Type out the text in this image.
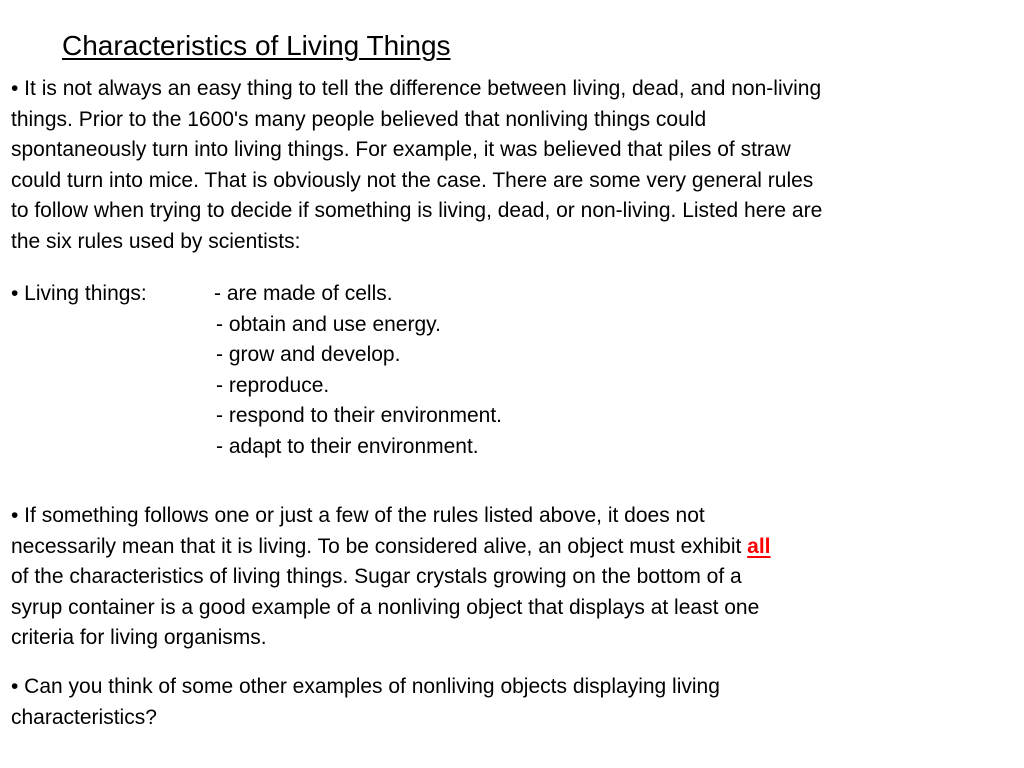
Characteristics of Living Things
• It is not always an easy thing to tell the difference between living, dead, and non-living
things. Prior to the 1600's many people believed that nonliving things could
spontaneously turn into living things. For example, it was believed that piles of straw
could turn into mice. That is obviously not the case. There are some very general rules
to follow when trying to decide if something is living, dead, or non-living. Listed here are
the six rules used by scientists:
• Living things:	- are made of cells.
- obtain and use energy.
- grow and develop.
- reproduce.
- respond to their environment.
- adapt to their environment.
• If something follows one or just a few of the rules listed above, it does not
necessarily mean that it is living. To be considered alive, an object must exhibit all
of the characteristics of living things. Sugar crystals growing on the bottom of a
syrup container is a good example of a nonliving object that displays at least one
criteria for living organisms.
• Can you think of some other examples of nonliving objects displaying living
characteristics?
